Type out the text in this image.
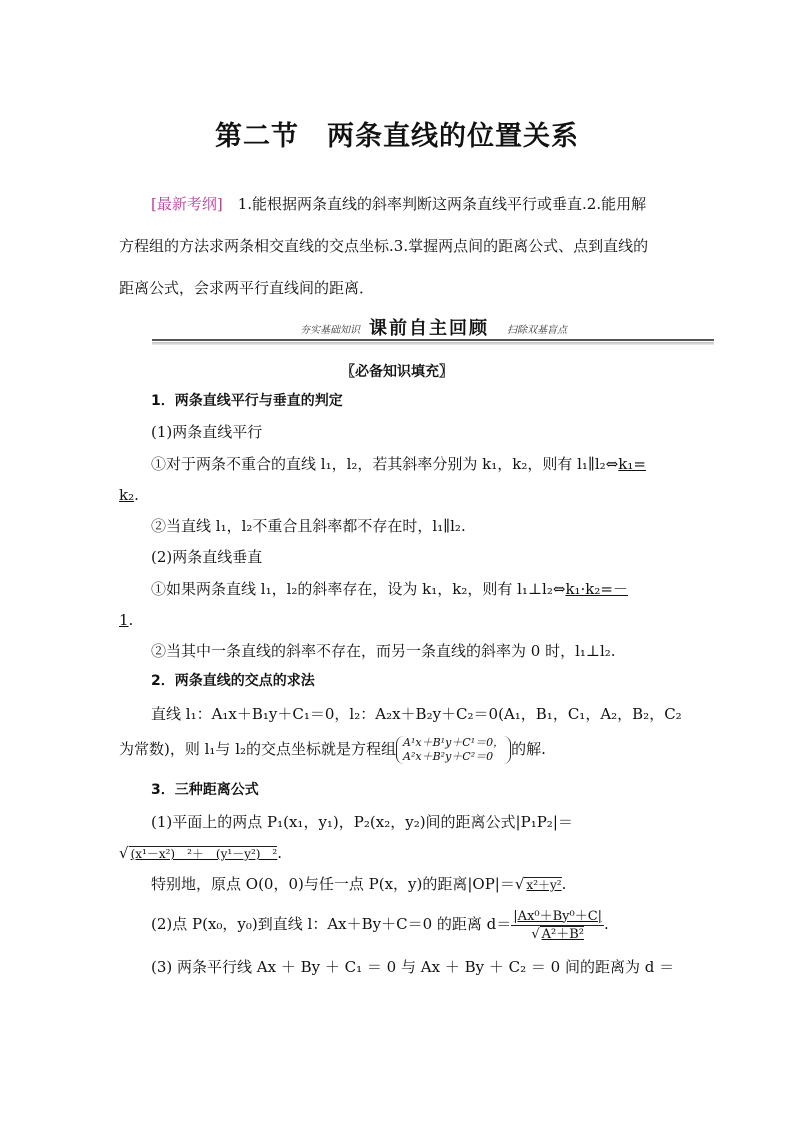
第二节　两条直线的位置关系
[最新考纲]　1.能根据两条直线的斜率判断这两条直线平行或垂直.2.能用解
方程组的方法求两条相交直线的交点坐标.3.掌握两点间的距离公式、点到直线的
距离公式，会求两平行直线间的距离．
夯实基础知识 课前自主回顾 扫除双基盲点
〖必备知识填充〗
1．两条直线平行与垂直的判定
(1)两条直线平行
①对于两条不重合的直线 l₁，l₂，若其斜率分别为 k₁，k₂，则有 l₁∥l₂⇔k₁=
k₂.
②当直线 l₁，l₂不重合且斜率都不存在时，l₁∥l₂.
(2)两条直线垂直
①如果两条直线 l₁，l₂的斜率存在，设为 k₁，k₂，则有 l₁⊥l₂⇔k₁·k₂=－
1.
②当其中一条直线的斜率不存在，而另一条直线的斜率为 0 时，l₁⊥l₂.
2．两条直线的交点的求法
直线 l₁：A₁x＋B₁y＋C₁＝0，l₂：A₂x＋B₂y＋C₂＝0(A₁，B₁，C₁，A₂，B₂，C₂
为常数)，则 l₁与 l₂的交点坐标就是方程组 A¹x＋B¹y＋C¹＝0，
A²x＋B²y＋C²＝0	的解.
3．三种距离公式
(1)平面上的两点 P₁(x₁，y₁)，P₂(x₂，y₂)间的距离公式|P₁P₂|＝
√ (x¹－x²)＿²＋＿(y¹－y²)＿².
特别地，原点 O(0，0)与任一点 P(x，y)的距离|OP|＝√ x²＋y².
(2)点 P(x₀，y₀)到直线 l：Ax＋By＋C＝0 的距离 $d= \frac{\text{|Ax⁰＋By⁰＋C|}}{\text{√ A²＋B²}}$ .
(3) 两条平行线 Ax ＋ By ＋ C₁ ＝ 0 与 Ax ＋ By ＋ C₂ ＝ 0 间的距离为 d ＝
